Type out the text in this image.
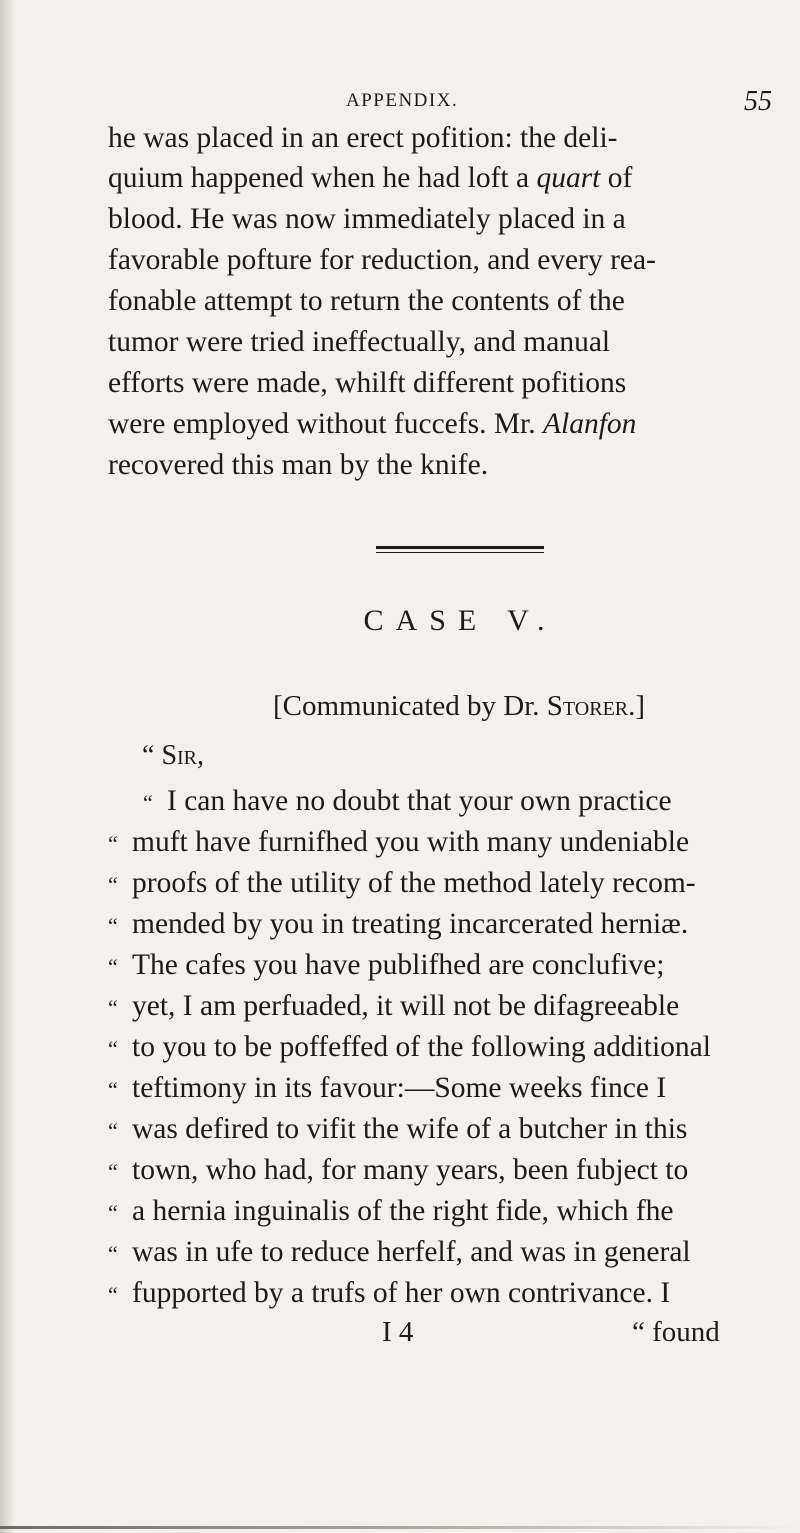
APPENDIX.	55
he was placed in an erect pofition: the deli-
quium happened when he had loft a quart of
blood. He was now immediately placed in a
favorable pofture for reduction, and every rea-
fonable attempt to return the contents of the
tumor were tried ineffectually, and manual
efforts were made, whilft different pofitions
were employed without fuccefs. Mr. Alanfon
recovered this man by the knife.
CASE V.
[Communicated by Dr. Storer.]
“ Sir,
“ I can have no doubt that your own practice
“ muft have furnifhed you with many undeniable
“ proofs of the utility of the method lately recom-
“ mended by you in treating incarcerated herniæ.
“ The cafes you have publifhed are conclufive;
“ yet, I am perfuaded, it will not be difagreeable
“ to you to be poffeffed of the following additional
“ teftimony in its favour:—Some weeks fince I
“ was defired to vifit the wife of a butcher in this
“ town, who had, for many years, been fubject to
“ a hernia inguinalis of the right fide, which fhe
“ was in ufe to reduce herfelf, and was in general
“ fupported by a trufs of her own contrivance. I
I 4	“ found
